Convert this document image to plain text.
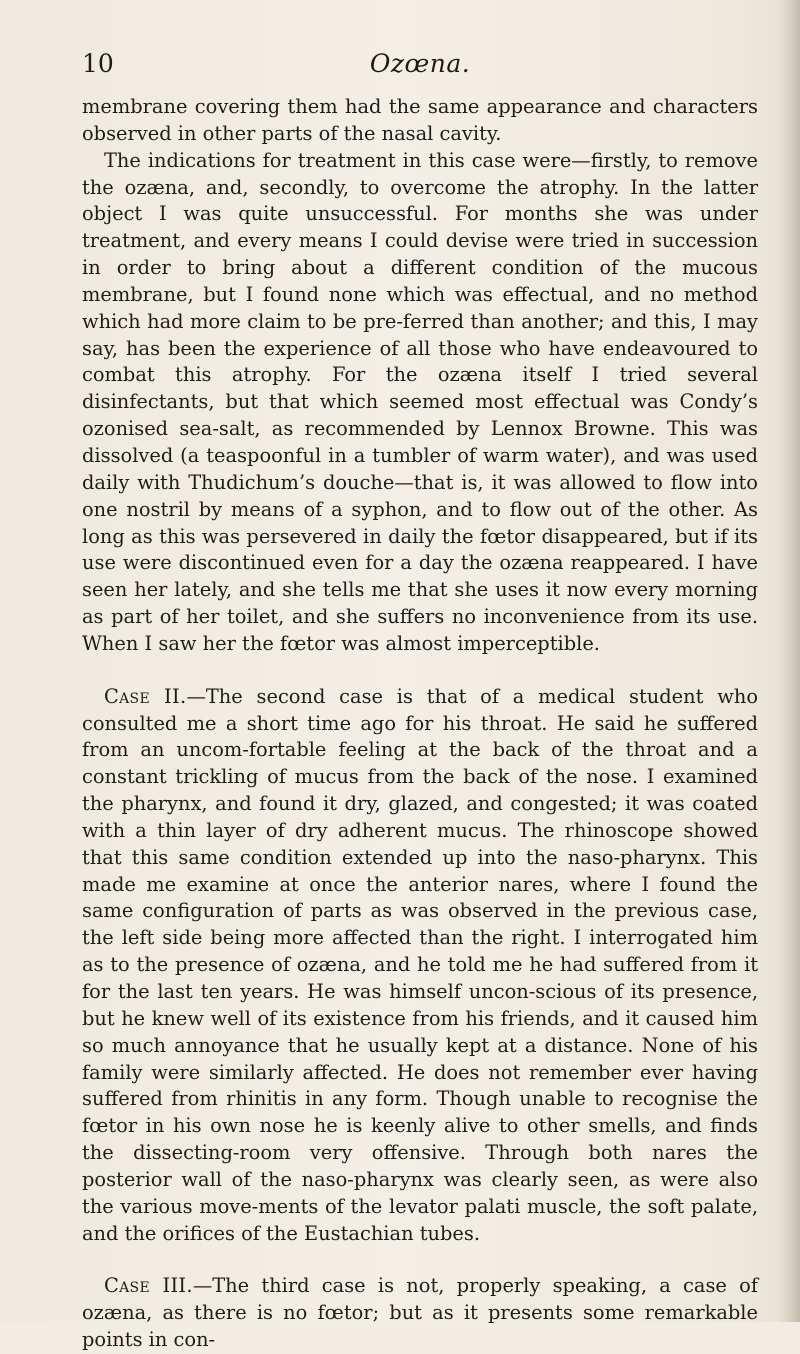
10	Ozœna.

membrane covering them had the same appearance and characters observed in other parts of the nasal cavity.

The indications for treatment in this case were—firstly, to remove the ozæna, and, secondly, to overcome the atrophy. In the latter object I was quite unsuccessful. For months she was under treatment, and every means I could devise were tried in succession in order to bring about a different condition of the mucous membrane, but I found none which was effectual, and no method which had more claim to be pre-ferred than another; and this, I may say, has been the experience of all those who have endeavoured to combat this atrophy. For the ozæna itself I tried several disinfectants, but that which seemed most effectual was Condy’s ozonised sea-salt, as recommended by Lennox Browne. This was dissolved (a teaspoonful in a tumbler of warm water), and was used daily with Thudichum’s douche—that is, it was allowed to flow into one nostril by means of a syphon, and to flow out of the other. As long as this was persevered in daily the fœtor disappeared, but if its use were discontinued even for a day the ozæna reappeared. I have seen her lately, and she tells me that she uses it now every morning as part of her toilet, and she suffers no inconvenience from its use. When I saw her the fœtor was almost imperceptible.

Case II.—The second case is that of a medical student who consulted me a short time ago for his throat. He said he suffered from an uncom-fortable feeling at the back of the throat and a constant trickling of mucus from the back of the nose. I examined the pharynx, and found it dry, glazed, and congested; it was coated with a thin layer of dry adherent mucus. The rhinoscope showed that this same condition extended up into the naso-pharynx. This made me examine at once the anterior nares, where I found the same configuration of parts as was observed in the previous case, the left side being more affected than the right. I interrogated him as to the presence of ozæna, and he told me he had suffered from it for the last ten years. He was himself uncon-scious of its presence, but he knew well of its existence from his friends, and it caused him so much annoyance that he usually kept at a distance. None of his family were similarly affected. He does not remember ever having suffered from rhinitis in any form. Though unable to recognise the fœtor in his own nose he is keenly alive to other smells, and finds the dissecting-room very offensive. Through both nares the posterior wall of the naso-pharynx was clearly seen, as were also the various move-ments of the levator palati muscle, the soft palate, and the orifices of the Eustachian tubes.

Case III.—The third case is not, properly speaking, a case of ozæna, as there is no fœtor; but as it presents some remarkable points in con-
